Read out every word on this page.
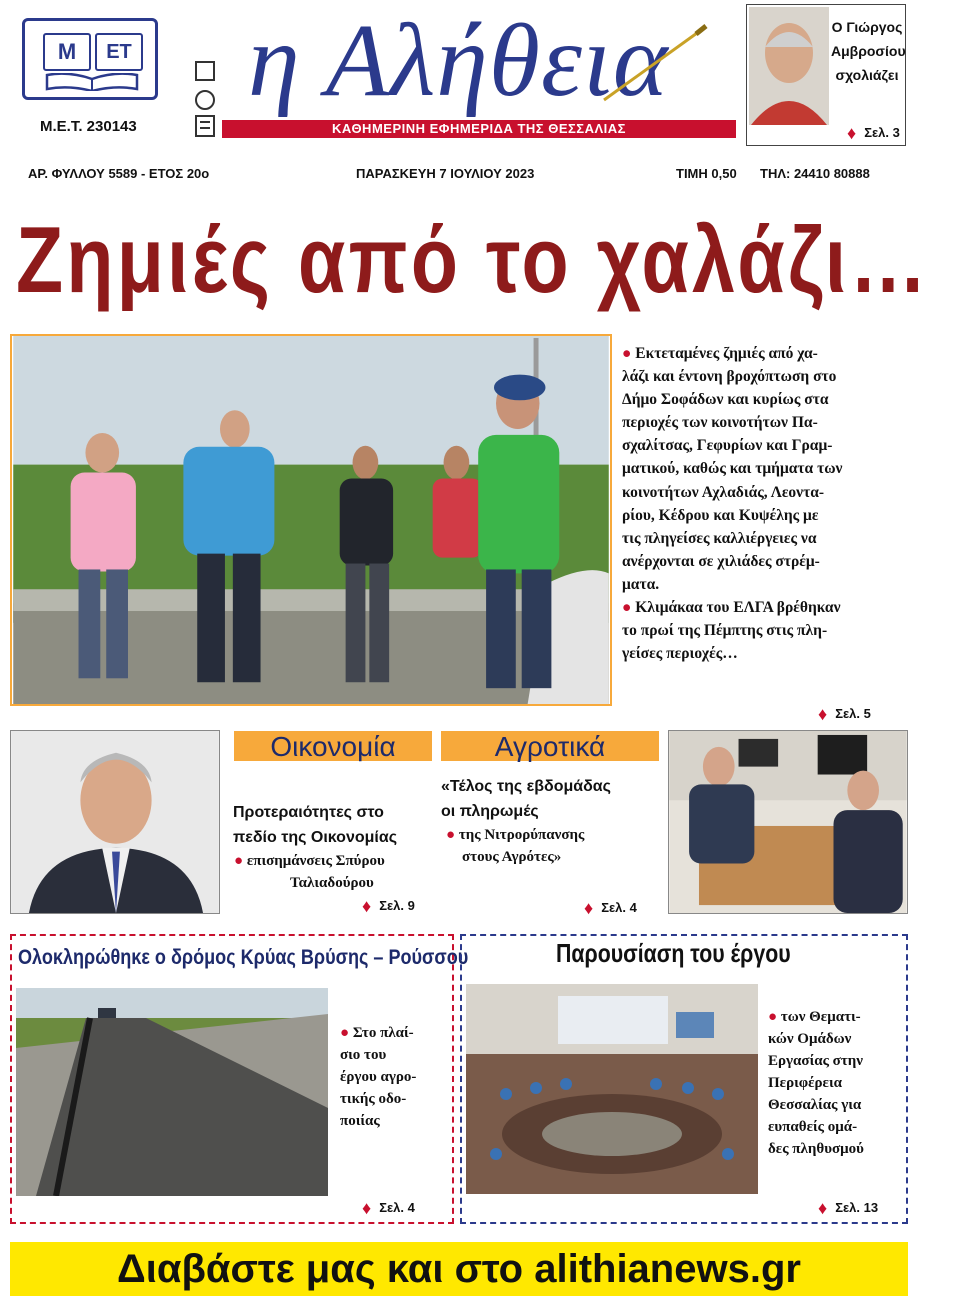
Μ	ΕΤ
Μ.Ε.Τ. 230143
η Αλήθεια
ΚΑΘΗΜΕΡΙΝΗ ΕΦΗΜΕΡΙΔΑ ΤΗΣ ΘΕΣΣΑΛΙΑΣ
Ο Γιώργος
Αμβροσίου
σχολιάζει
♦ Σελ. 3
ΑΡ. ΦΥΛΛΟΥ 5589 - ΕΤΟΣ 20ο	ΠΑΡΑΣΚΕΥΗ 7 ΙΟΥΛΙΟΥ 2023	ΤΙΜΗ 0,50 ΤΗΛ: 24410 80888
Ζημιές από το χαλάζι…
● Εκτεταμένες ζημιές από χα-
λάζι και έντονη βροχόπτωση στο
Δήμο Σοφάδων και κυρίως στα
περιοχές των κοινοτήτων Πα-
σχαλίτσας, Γεφυρίων και Γραμ-
ματικού, καθώς και τμήματα των
κοινοτήτων Αχλαδιάς, Λεοντα-
ρίου, Κέδρου και Κυψέλης με
τις πληγείσες καλλιέργειες να
ανέρχονται σε χιλιάδες στρέμ-
ματα.
● Κλιμάκαα του ΕΛΓΑ βρέθηκαν
το πρωί της Πέμπτης στις πλη-
γείσες περιοχές…
♦ Σελ. 5
Οικονομία
Προτεραιότητες στο
πεδίο της Οικονομίας
● επισημάνσεις Σπύρου
Ταλιαδούρου
♦ Σελ. 9
Αγροτικά
«Τέλος της εβδομάδας
οι πληρωμές
● της Νιτρορύπανσης
στους Αγρότες»
♦ Σελ. 4
Ολοκληρώθηκε ο δρόμος Κρύας Βρύσης – Ρούσσου
● Στο πλαί-
σιο του
έργου αγρο-
τικής οδο-
ποιίας
♦ Σελ. 4
Παρουσίαση του έργου
● των Θεματι-
κών Ομάδων
Εργασίας στην
Περιφέρεια
Θεσσαλίας για
ευπαθείς ομά-
δες πληθυσμού
♦ Σελ. 13
Διαβάστε μας και στο alithianews.gr
